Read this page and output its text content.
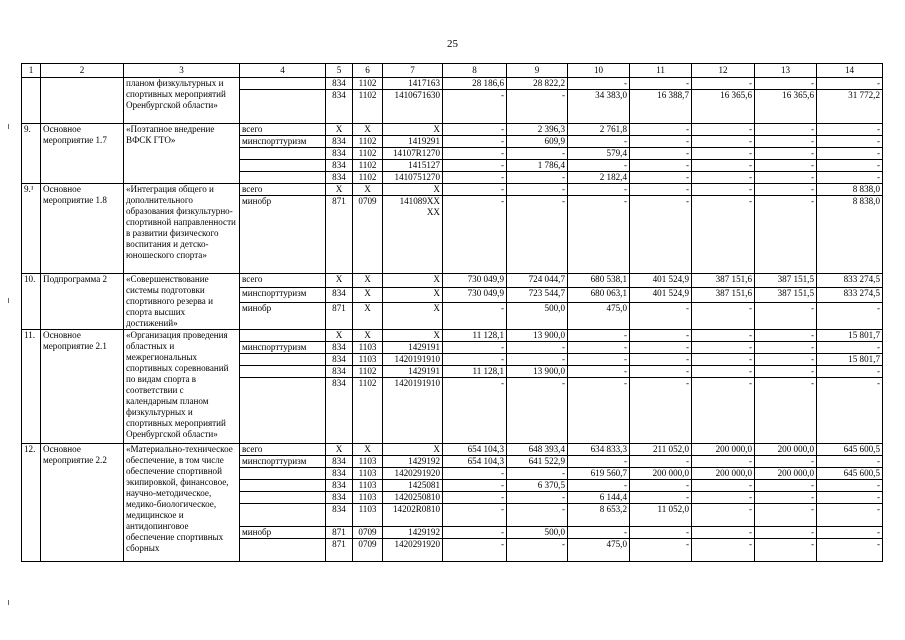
25
1	2	3	4	5	6	7	8	9	10	11	12	13	14
		планом физкультурных и спортивных мероприятий Оренбургской области»		834	1102	1417163	28 186,6	28 822,2	-	-	-	-	-
				834	1102	1410671630	-	-	34 383,0	16 388,7	16 365,6	16 365,6	31 772,2
9.	Основное мероприятие 1.7	«Поэтапное внедрение ВФСК ГТО»	всего	X	X	X	-	2 396,3	2 761,8	-	-	-	-
			минспорттуризм	834	1102	1419291	-	609,9	-	-	-	-	-
				834	1102	14107R1270	-	-	579,4	-	-	-	-
				834	1102	1415127	-	1 786,4	-	-	-	-	-
				834	1102	1410751270	-	-	2 182,4	-	-	-	-
9.¹	Основное мероприятие 1.8	«Интеграция общего и дополнительного образования физкультурно-спортивной направленности в развитии физического воспитания и детско-юношеского спорта»	всего	X	X	X	-	-	-	-	-	-	8 838,0
			минобр	871	0709	141089XX XX	-	-	-	-	-	-	8 838,0
10.	Подпрограмма 2	«Совершенствование системы подготовки спортивного резерва и спорта высших достижений»	всего	X	X	X	730 049,9	724 044,7	680 538,1	401 524,9	387 151,6	387 151,5	833 274,5
			минспорттуризм	834	X	X	730 049,9	723 544,7	680 063,1	401 524,9	387 151,6	387 151,5	833 274,5
			минобр	871	X	X	-	500,0	475,0	-	-	-	-
11.	Основное мероприятие 2.1	«Организация проведения областных и межрегиональных спортивных соревнований по видам спорта в соответствии с календарным планом физкультурных и спортивных мероприятий Оренбургской области»		X	X	X	11 128,1	13 900,0	-	-	-	-	15 801,7
			минспорттуризм	834	1103	1429191	-	-	-	-	-	-	-
				834	1103	1420191910	-	-	-	-	-	-	15 801,7
				834	1102	1429191	11 128,1	13 900,0	-	-	-	-	-
				834	1102	1420191910	-	-	-	-	-	-	-
12.	Основное мероприятие 2.2	«Материально-техническое обеспечение, в том числе обеспечение спортивной экипировкой, финансовое, научно-методическое, медико-биологическое, медицинское и антидопинговое обеспечение спортивных сборных	всего	X	X	X	654 104,3	648 393,4	634 833,3	211 052,0	200 000,0	200 000,0	645 600,5
			минспорттуризм	834	1103	1429192	654 104,3	641 522,9	-	-	-	-	-
				834	1103	1420291920	-	-	619 560,7	200 000,0	200 000,0	200 000,0	645 600,5
				834	1103	1425081	-	6 370,5	-	-	-	-	-
				834	1103	1420250810	-	-	6 144,4	-	-	-	-
				834	1103	14202R0810	-	-	8 653,2	11 052,0	-	-	-
			минобр	871	0709	1429192	-	500,0	-	-	-	-	-
				871	0709	1420291920	-	-	475,0	-	-	-	-
